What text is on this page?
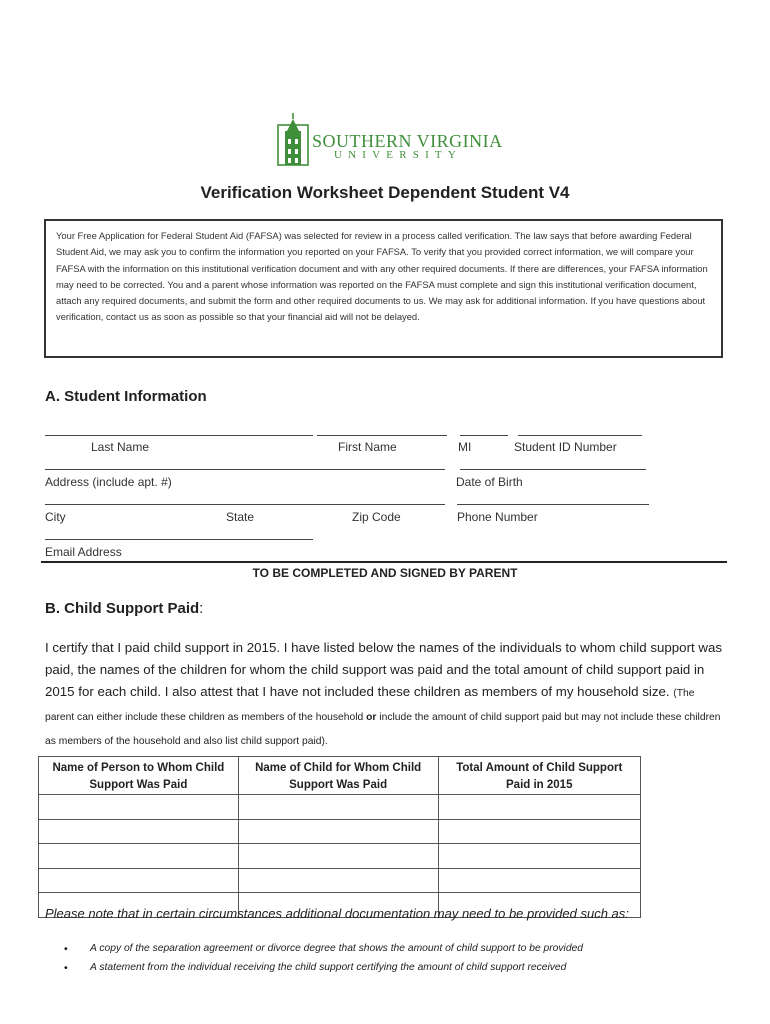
SOUTHERN VIRGINIA
UNIVERSITY
Verification Worksheet Dependent Student V4
Your Free Application for Federal Student Aid (FAFSA) was selected for review in a process called verification. The law says that before awarding Federal Student Aid, we may ask you to confirm the information you reported on your FAFSA. To verify that you provided correct information, we will compare your FAFSA with the information on this institutional verification document and with any other required documents. If there are differences, your FAFSA information may need to be corrected. You and a parent whose information was reported on the FAFSA must complete and sign this institutional verification document, attach any required documents, and submit the form and other required documents to us. We may ask for additional information. If you have questions about verification, contact us as soon as possible so that your financial aid will not be delayed.
A. Student Information
Last Name	First Name	MI	Student ID Number
Address (include apt. #)	Date of Birth
City	State	Zip Code	Phone Number
Email Address
TO BE COMPLETED AND SIGNED BY PARENT
B. Child Support Paid:
I certify that I paid child support in 2015. I have listed below the names of the individuals to whom child support was paid, the names of the children for whom the child support was paid and the total amount of child support paid in 2015 for each child. I also attest that I have not included these children as members of my household size. (The parent can either include these children as members of the household or include the amount of child support paid but may not include these children as members of the household and also list child support paid).
Name of Person to Whom Child Support Was Paid	Name of Child for Whom Child Support Was Paid	Total Amount of Child Support Paid in 2015

Please note that in certain circumstances additional documentation may need to be provided such as:
• A copy of the separation agreement or divorce degree that shows the amount of child support to be provided
• A statement from the individual receiving the child support certifying the amount of child support received
